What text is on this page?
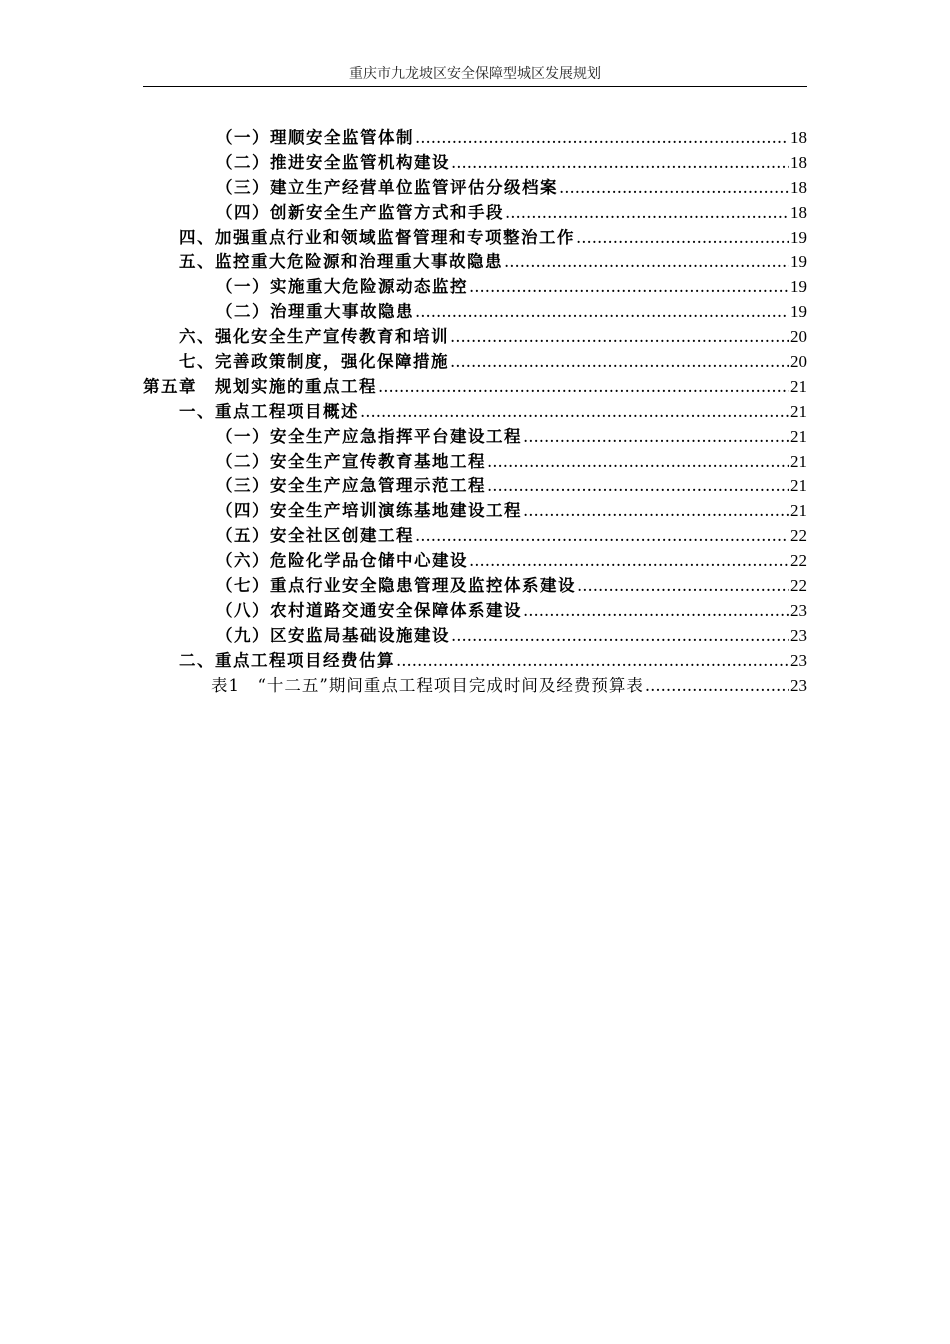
重庆市九龙坡区安全保障型城区发展规划
（一）理顺安全监管体制 .....	18
（二）推进安全监管机构建设 .....	18
（三）建立生产经营单位监管评估分级档案 .....	18
（四）创新安全生产监管方式和手段 .....	18
四、加强重点行业和领域监督管理和专项整治工作 .....	19
五、监控重大危险源和治理重大事故隐患 .....	19
（一）实施重大危险源动态监控 .....	19
（二）治理重大事故隐患 .....	19
六、强化安全生产宣传教育和培训 .....	20
七、完善政策制度，强化保障措施 .....	20
第五章　规划实施的重点工程 .....	21
一、重点工程项目概述 .....	21
（一）安全生产应急指挥平台建设工程 .....	21
（二）安全生产宣传教育基地工程 .....	21
（三）安全生产应急管理示范工程 .....	21
（四）安全生产培训演练基地建设工程 .....	21
（五）安全社区创建工程 .....	22
（六）危险化学品仓储中心建设 .....	22
（七）重点行业安全隐患管理及监控体系建设 .....	22
（八）农村道路交通安全保障体系建设 .....	23
（九）区安监局基础设施建设 .....	23
二、重点工程项目经费估算 .....	23
表1　“十二五”期间重点工程项目完成时间及经费预算表 .....	23
